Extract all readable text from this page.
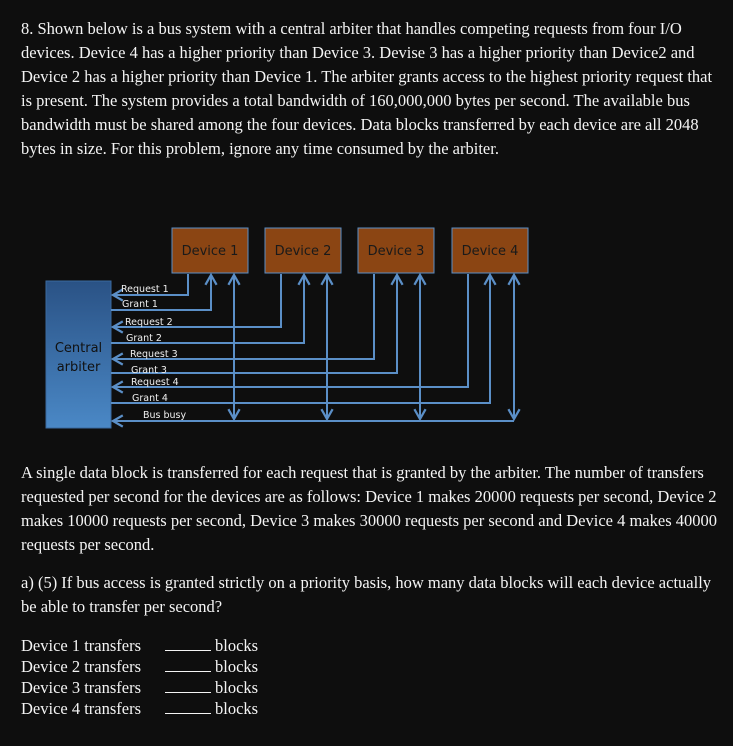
8. Shown below is a bus system with a central arbiter that handles competing requests from four I/O devices. Device 4 has a higher priority than Device 3. Devise 3 has a higher priority than Device2 and Device 2 has a higher priority than Device 1. The arbiter grants access to the highest priority request that is present. The system provides a total bandwidth of 160,000,000 bytes per second. The available bus bandwidth must be shared among the four devices. Data blocks transferred by each device are all 2048 bytes in size. For this problem, ignore any time consumed by the arbiter.

Central
arbiter
Device 1	Device 2	Device 3	Device 4
Request 1
Grant 1
Request 2
Grant 2
Request 3
Grant 3
Request 4
Grant 4
Bus busy

A single data block is transferred for each request that is granted by the arbiter. The number of transfers requested per second for the devices are as follows: Device 1 makes 20000 requests per second, Device 2 makes 10000 requests per second, Device 3 makes 30000 requests per second and Device 4 makes 40000 requests per second.

a) (5) If bus access is granted strictly on a priority basis, how many data blocks will each device actually be able to transfer per second?

Device 1 transfers	blocks
Device 2 transfers	blocks
Device 3 transfers	blocks
Device 4 transfers	blocks
